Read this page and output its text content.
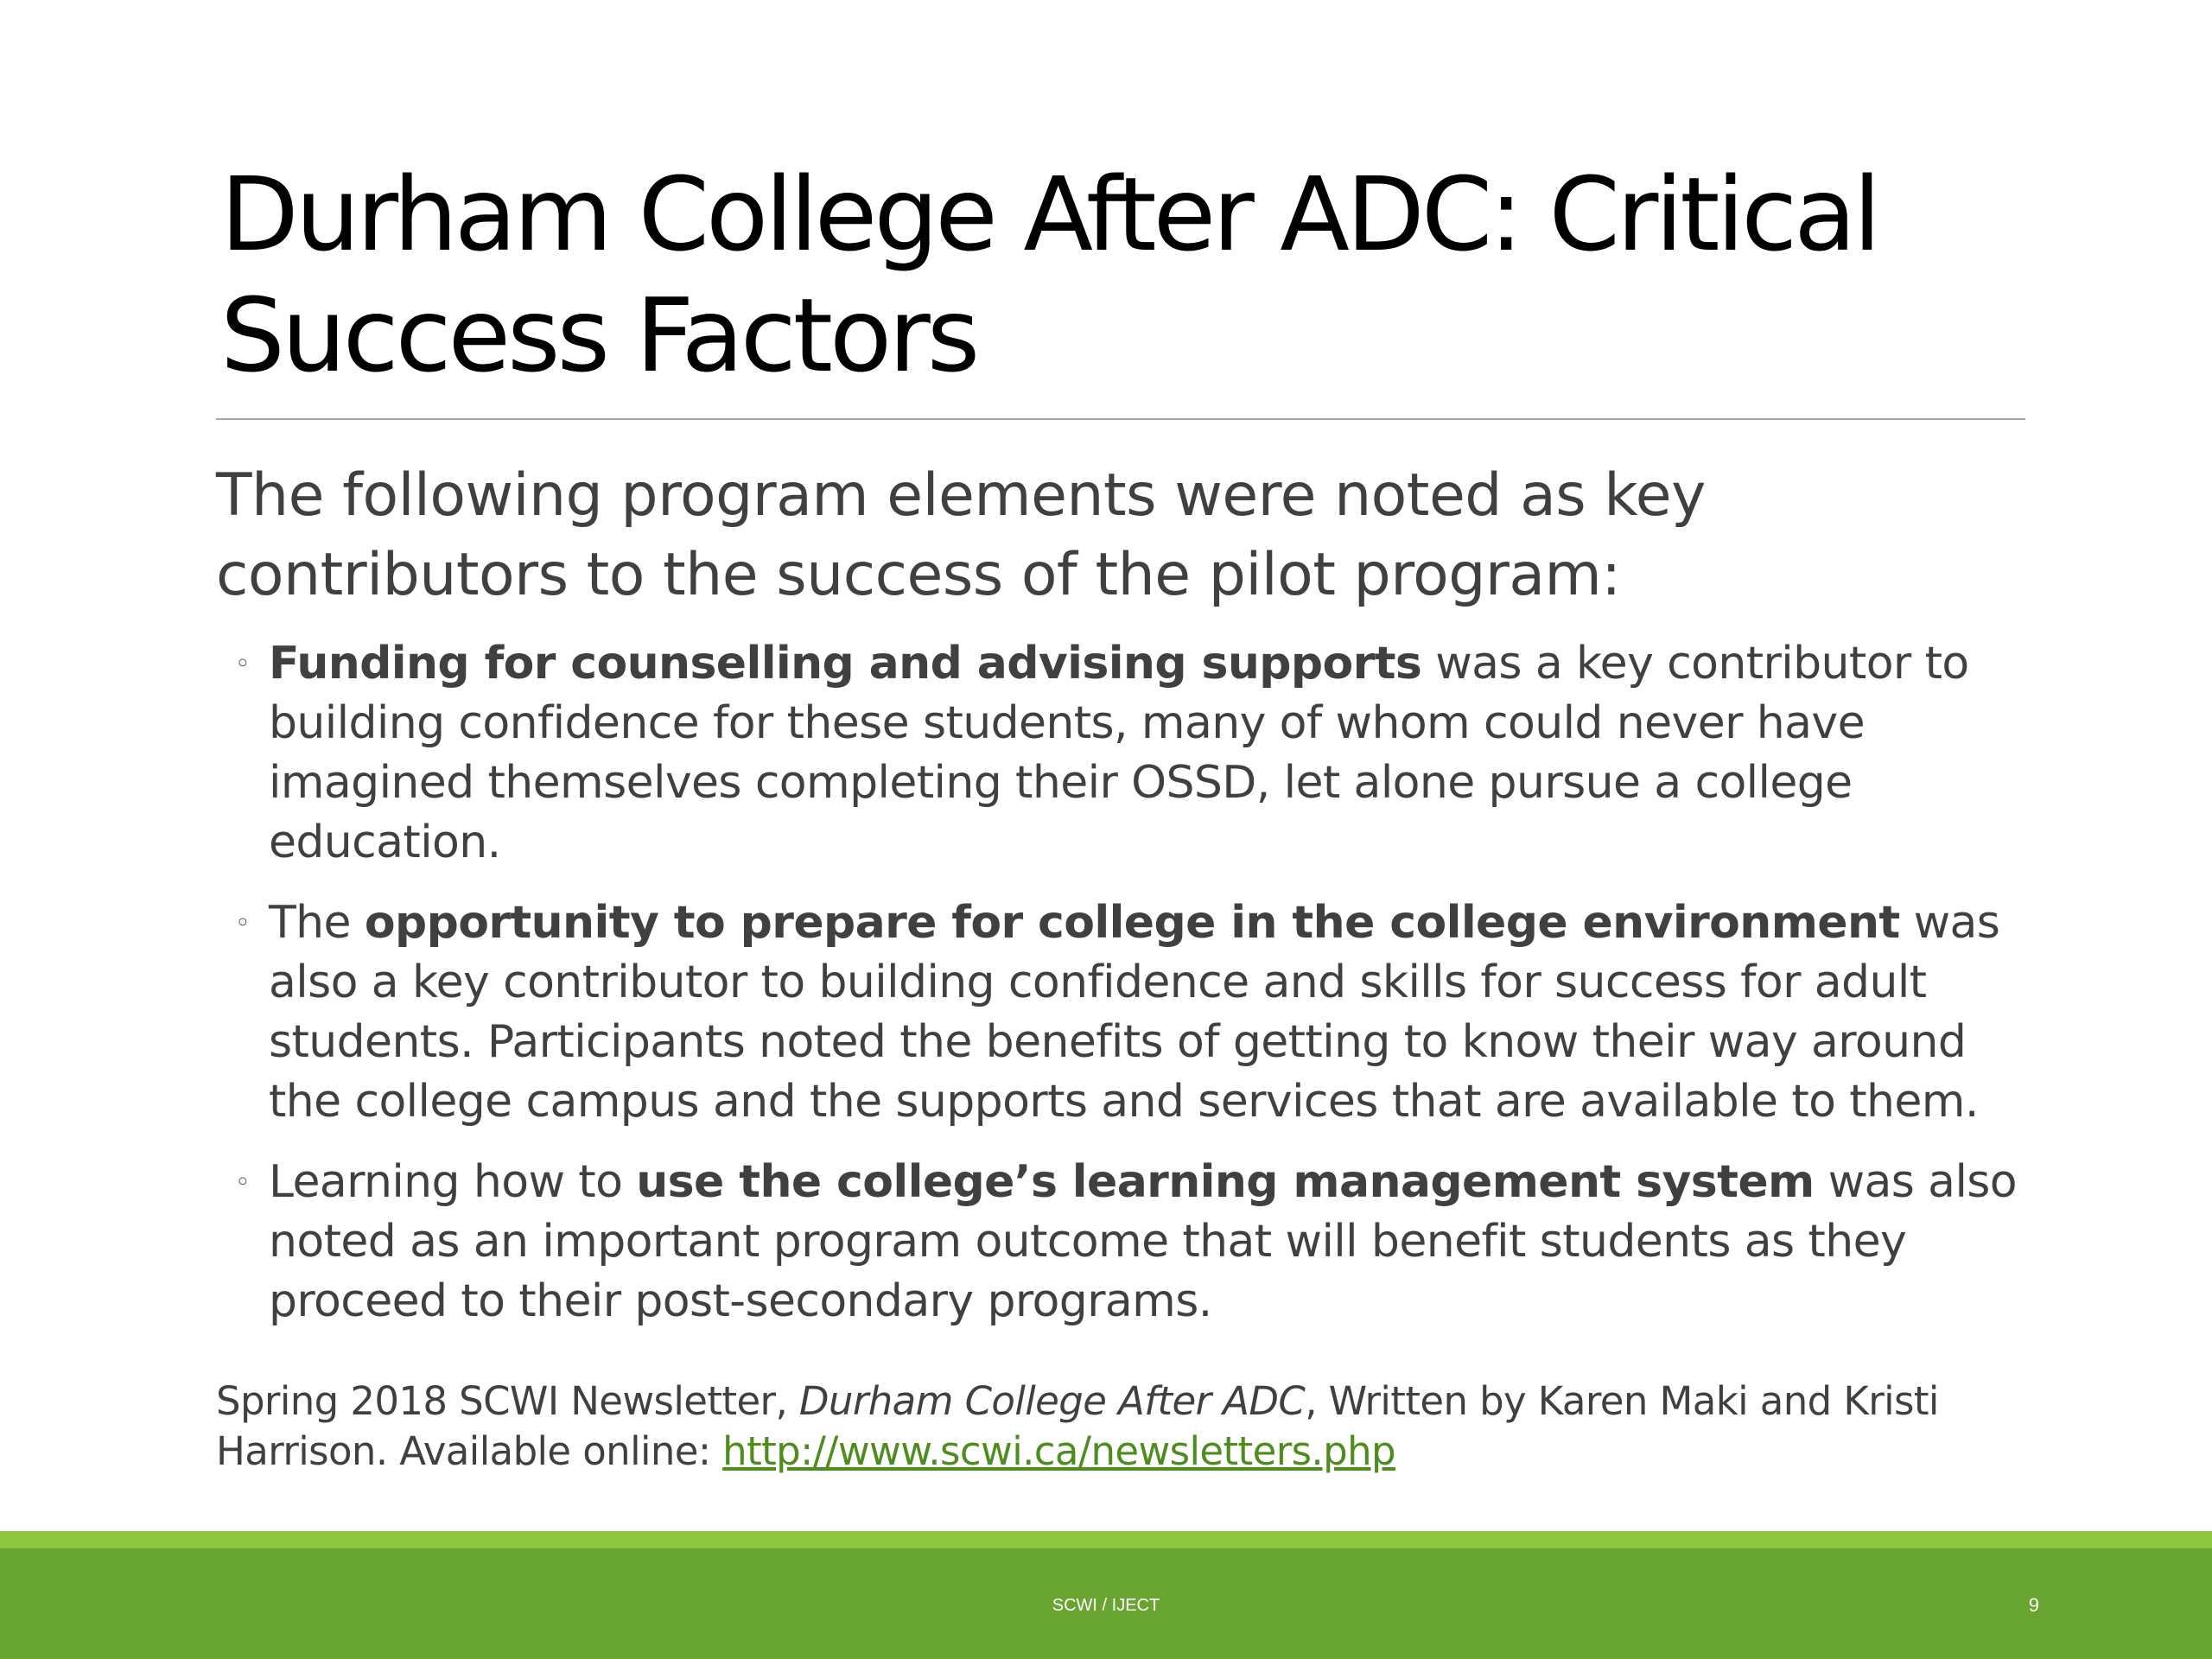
Durham College After ADC: Critical Success Factors

The following program elements were noted as key contributors to the success of the pilot program:

◦ Funding for counselling and advising supports was a key contributor to building confidence for these students, many of whom could never have imagined themselves completing their OSSD, let alone pursue a college education.
◦ The opportunity to prepare for college in the college environment was also a key contributor to building confidence and skills for success for adult students. Participants noted the benefits of getting to know their way around the college campus and the supports and services that are available to them.
◦ Learning how to use the college’s learning management system was also noted as an important program outcome that will benefit students as they proceed to their post-secondary programs.

Spring 2018 SCWI Newsletter, Durham College After ADC, Written by Karen Maki and Kristi Harrison. Available online: http://www.scwi.ca/newsletters.php

SCWI / IJECT	9
